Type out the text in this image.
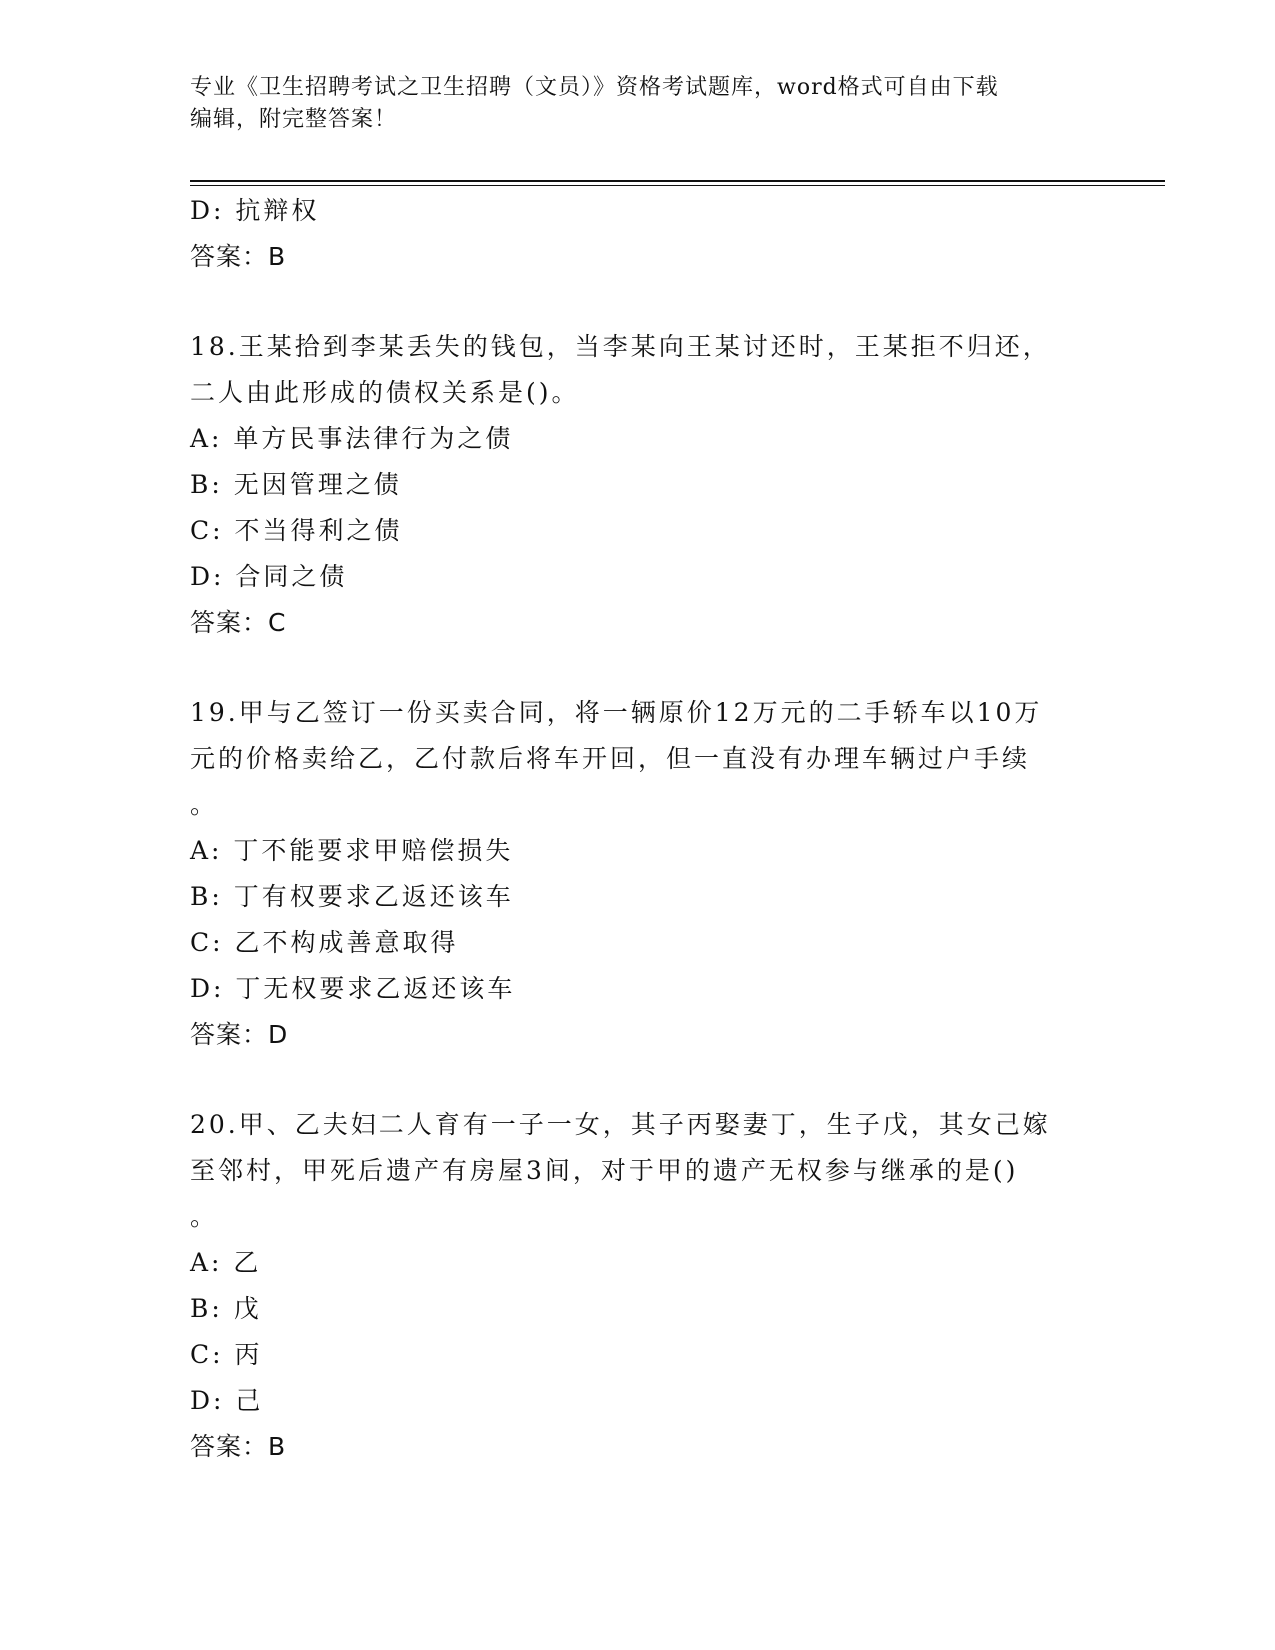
专业《卫生招聘考试之卫生招聘（文员）》资格考试题库，word格式可自由下载
编辑，附完整答案！
D: 抗辩权
答案：B
18.王某拾到李某丢失的钱包，当李某向王某讨还时，王某拒不归还，
二人由此形成的债权关系是()。
A: 单方民事法律行为之债
B: 无因管理之债
C: 不当得利之债
D: 合同之债
答案：C
19.甲与乙签订一份买卖合同，将一辆原价12万元的二手轿车以10万
元的价格卖给乙，乙付款后将车开回，但一直没有办理车辆过户手续
。
A: 丁不能要求甲赔偿损失
B: 丁有权要求乙返还该车
C: 乙不构成善意取得
D: 丁无权要求乙返还该车
答案：D
20.甲、乙夫妇二人育有一子一女，其子丙娶妻丁，生子戊，其女己嫁
至邻村，甲死后遗产有房屋3间，对于甲的遗产无权参与继承的是()
。
A: 乙
B: 戊
C: 丙
D: 己
答案：B
